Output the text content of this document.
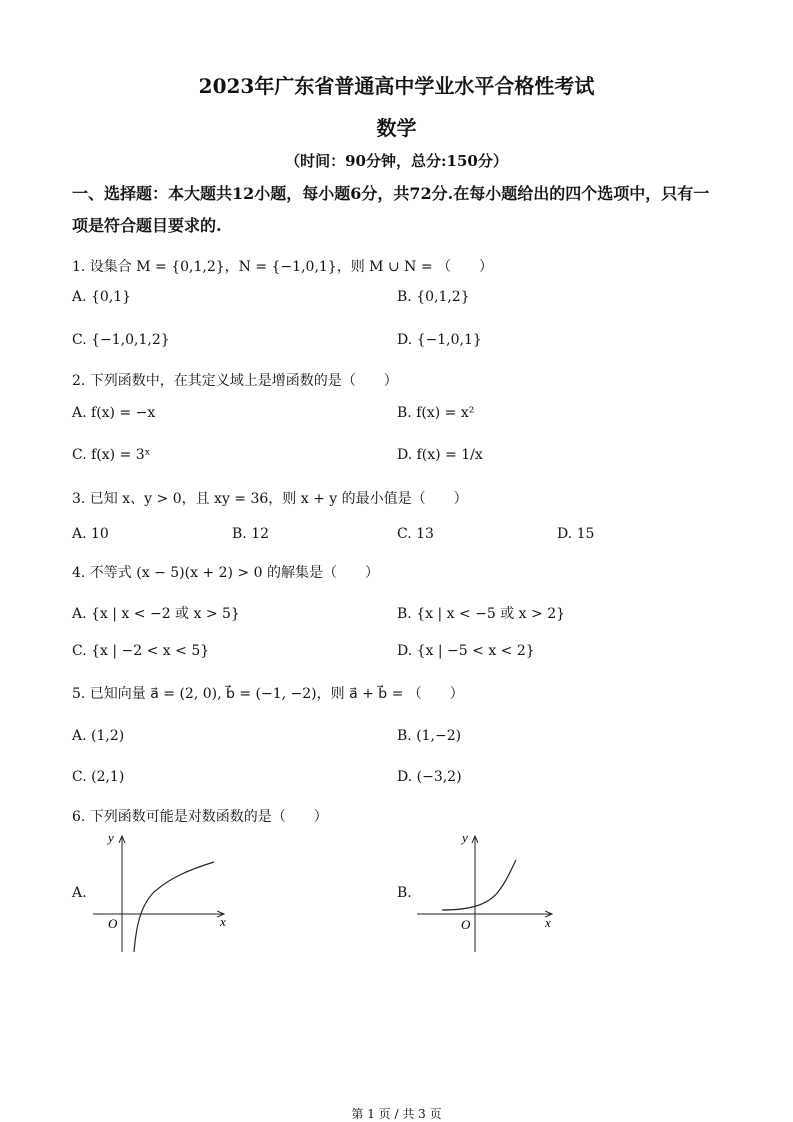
2023年广东省普通高中学业水平合格性考试
数学
（时间：90分钟，总分:150分）
一、选择题：本大题共12小题，每小题6分，共72分.在每小题给出的四个选项中，只有一
项是符合题目要求的.
1. 设集合 M = {0,1,2}，N = {−1,0,1}，则 M ∪ N = （　　）
A. {0,1}	B. {0,1,2}
C. {−1,0,1,2}	D. {−1,0,1}
2. 下列函数中，在其定义域上是增函数的是（　　）
A. f(x) = −x	B. f(x) = x²
C. f(x) = 3ˣ	D. f(x) = 1/x
3. 已知 x、y > 0，且 xy = 36，则 x + y 的最小值是（　　）
A. 10	B. 12	C. 13	D. 15
4. 不等式 (x − 5)(x + 2) > 0 的解集是（　　）
A. {x | x < −2 或 x > 5}	B. {x | x < −5 或 x > 2}
C. {x | −2 < x < 5}	D. {x | −5 < x < 2}
5. 已知向量 a⃗ = (2, 0), b⃗ = (−1, −2)，则 a⃗ + b⃗ = （　　）
A. (1,2)	B. (1,−2)
C. (2,1)	D. (−3,2)
6. 下列函数可能是对数函数的是（　　）
A.	B.
y
x
O
y
x
O
第 1 页 / 共 3 页
